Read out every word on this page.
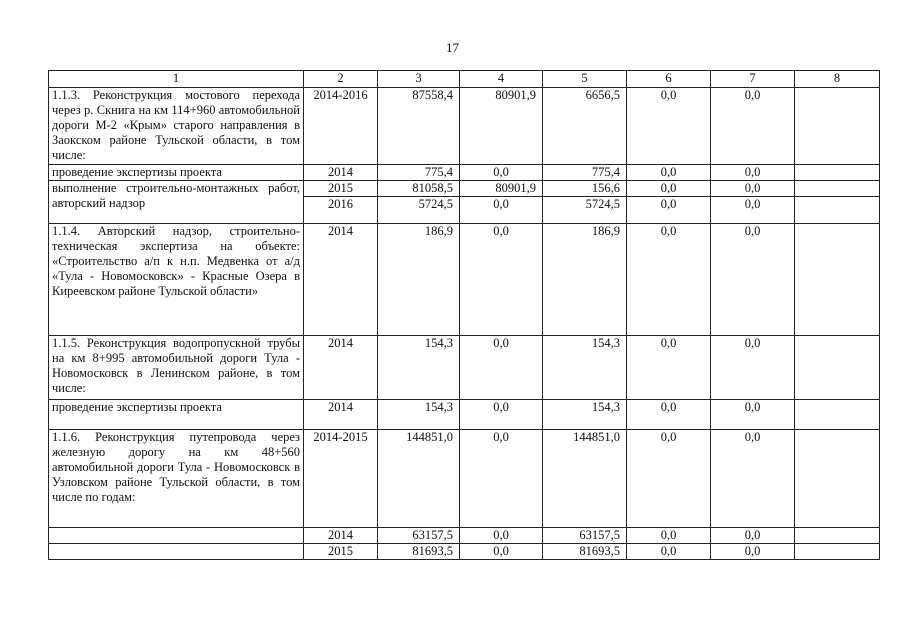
17
1	2	3	4	5	6	7	8
1.1.3. Реконструкция мостового перехода через р. Скнига на км 114+960 автомобильной дороги М-2 «Крым» старого направления в Заокском районе Тульской области, в том числе:	2014-2016	87558,4	80901,9	6656,5	0,0	0,0	
проведение экспертизы проекта	2014	775,4	0,0	775,4	0,0	0,0	
выполнение строительно-монтажных работ, авторский надзор	2015	81058,5	80901,9	156,6	0,0	0,0	
	2016	5724,5	0,0	5724,5	0,0	0,0	
1.1.4. Авторский надзор, строительно-техническая экспертиза на объекте: «Строительство а/п к н.п. Медвенка от а/д «Тула - Новомосковск» - Красные Озера в Киреевском районе Тульской области»	2014	186,9	0,0	186,9	0,0	0,0	
1.1.5. Реконструкция водопропускной трубы на км 8+995 автомобильной дороги Тула - Новомосковск в Ленинском районе, в том числе:	2014	154,3	0,0	154,3	0,0	0,0	
проведение экспертизы проекта	2014	154,3	0,0	154,3	0,0	0,0	
1.1.6. Реконструкция путепровода через железную дорогу на км 48+560 автомобильной дороги Тула - Новомосковск в Узловском районе Тульской области, в том числе по годам:	2014-2015	144851,0	0,0	144851,0	0,0	0,0	
	2014	63157,5	0,0	63157,5	0,0	0,0	
	2015	81693,5	0,0	81693,5	0,0	0,0	
